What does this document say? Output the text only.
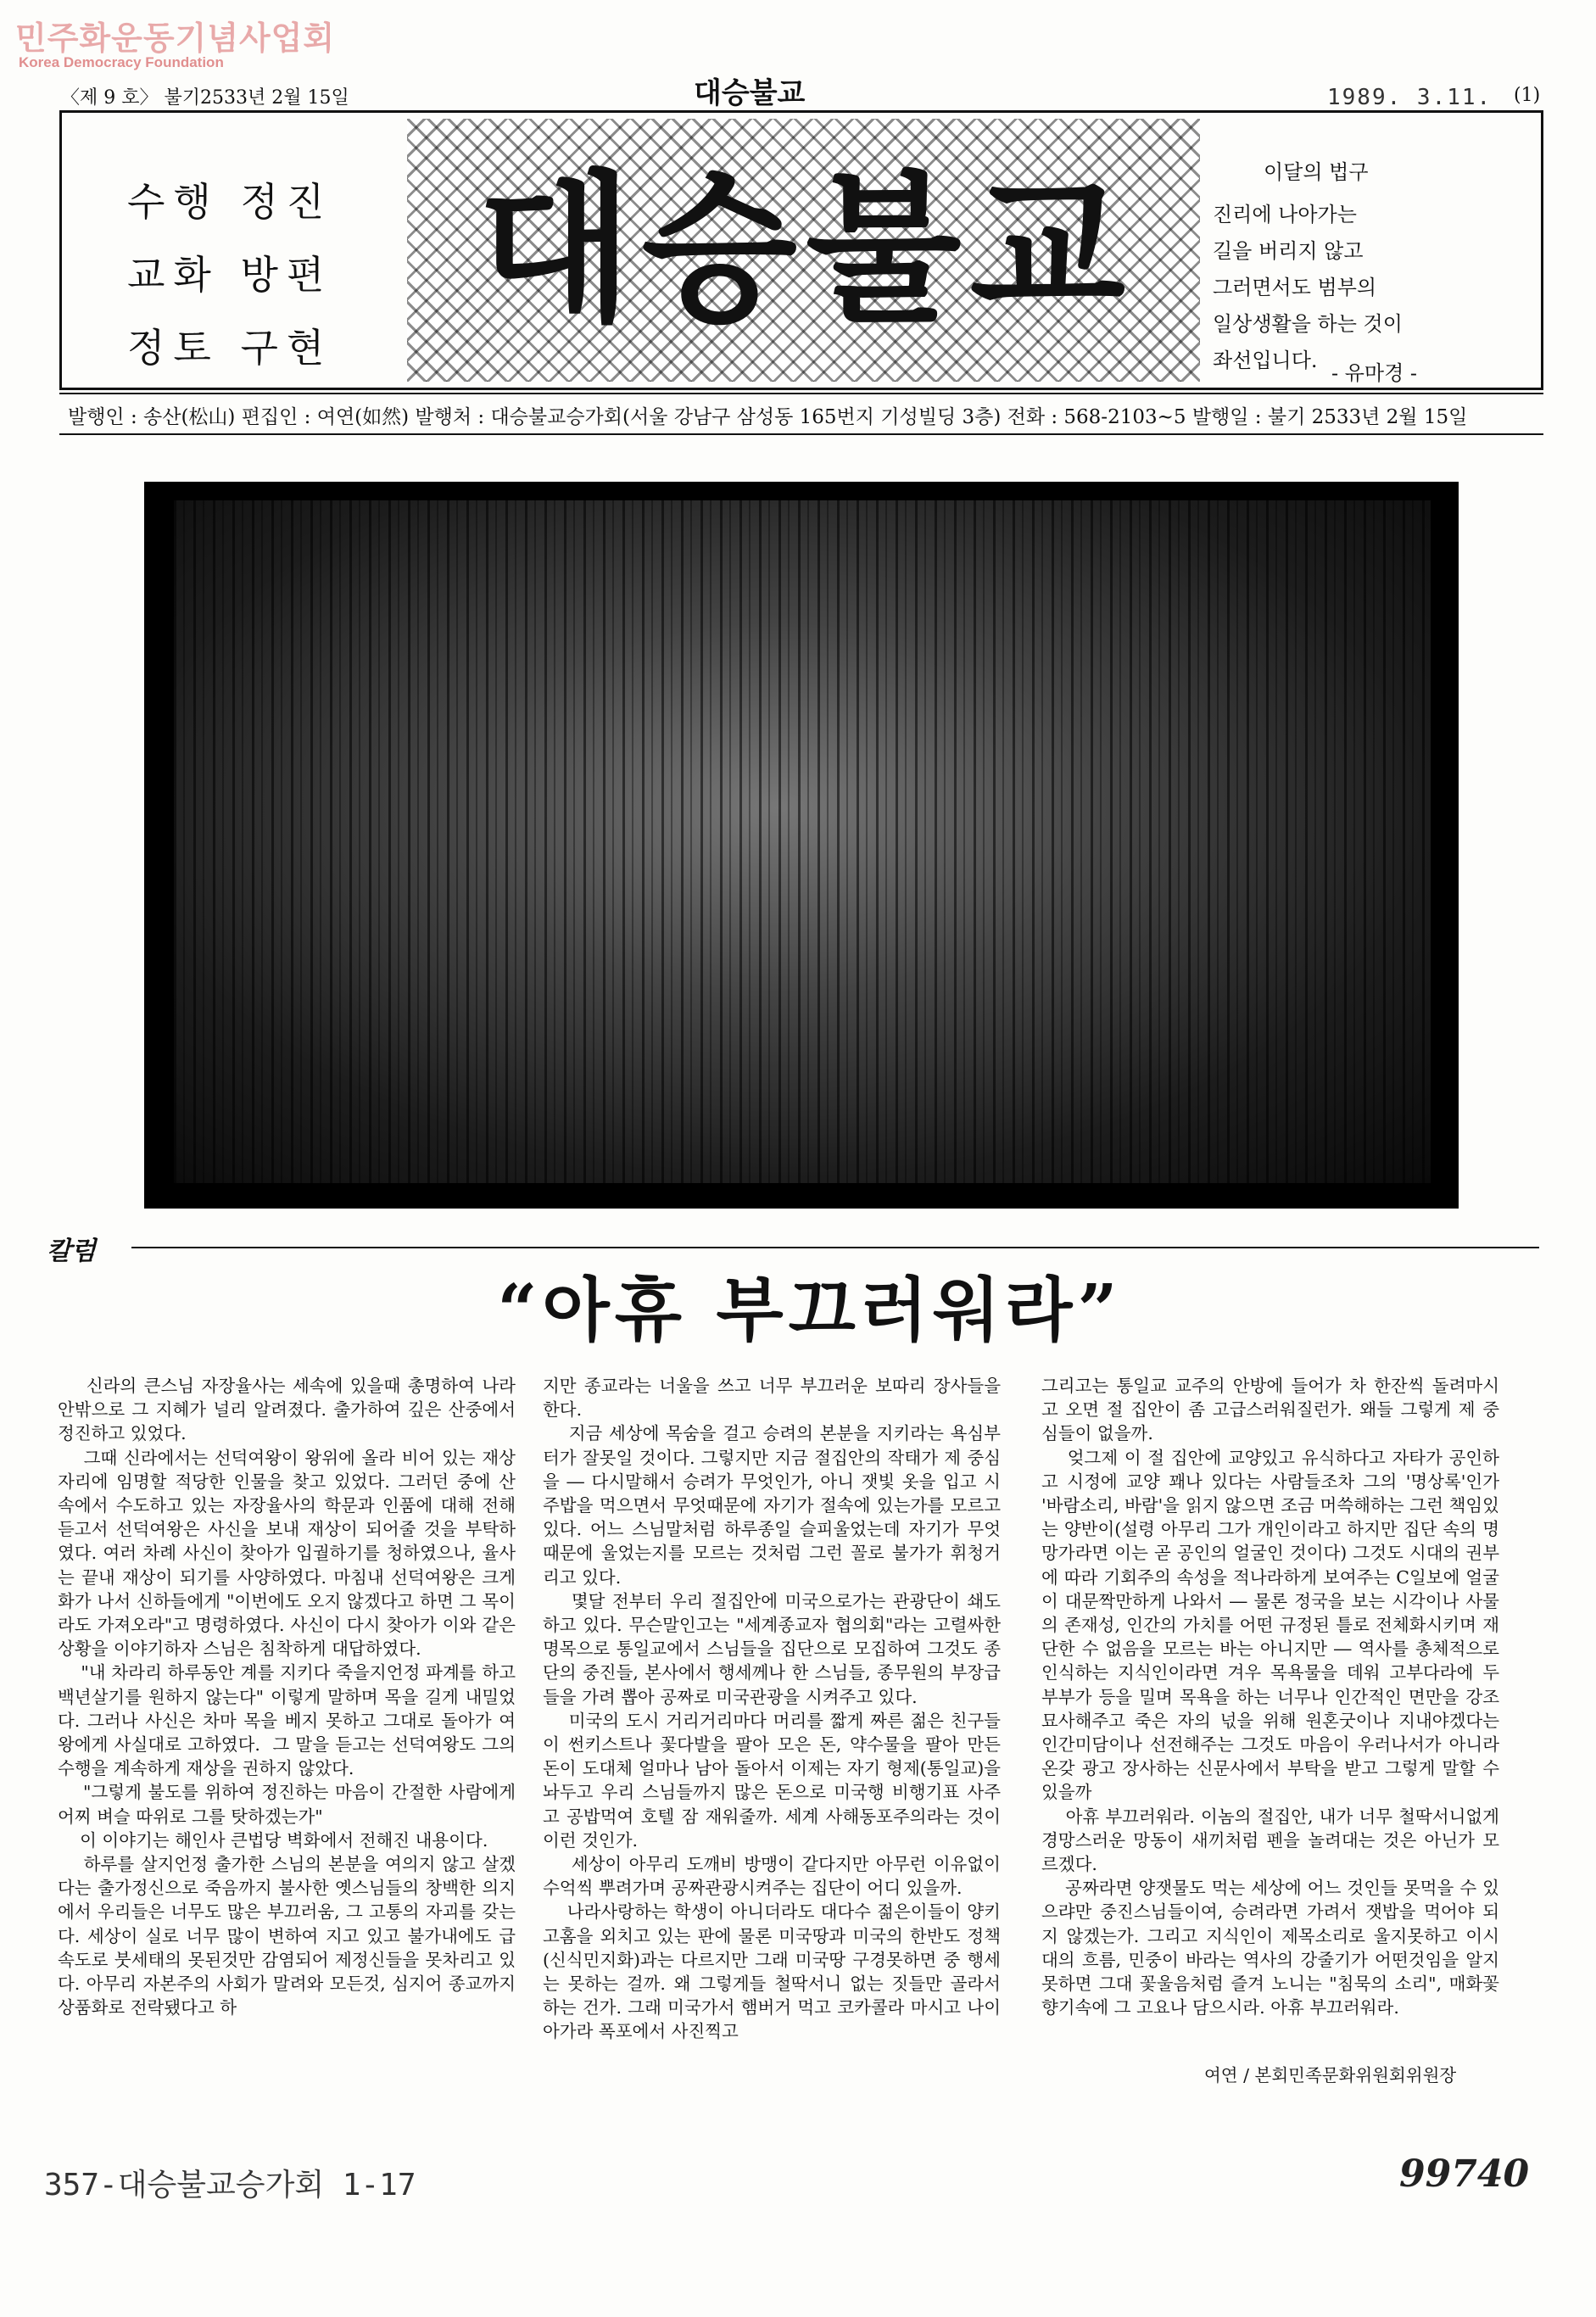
민주화운동기념사업회
Korea Democracy Foundation
〈제 9 호〉 불기2533년 2월 15일	대승불교	1989. 3.11. (1)
수행 정진
교화 방편
정토 구현
대승불교	이달의 법구
진리에 나아가는
길을 버리지 않고
그러면서도 범부의
일상생활을 하는 것이
좌선입니다.
- 유마경 -
발행인 : 송산(松山) 편집인 : 여연(如然) 발행처 : 대승불교승가회(서울 강남구 삼성동 165번지 기성빌딩 3층) 전화 : 568-2103~5 발행일 : 불기 2533년 2월 15일
칼럼
“아휴 부끄러워라”
신라의 큰스님 자장율사는 세속에 있을때 총명하여 나라 안밖으로 그 지혜가 널리 알려졌다. 출가하여 깊은 산중에서 정진하고 있었다.
그때 신라에서는 선덕여왕이 왕위에 올라 비어 있는 재상자리에 임명할 적당한 인물을 찾고 있었다. 그러던 중에 산 속에서 수도하고 있는 자장율사의 학문과 인품에 대해 전해 듣고서 선덕여왕은 사신을 보내 재상이 되어줄 것을 부탁하였다. 여러 차례 사신이 찾아가 입궐하기를 청하였으나, 율사는 끝내 재상이 되기를 사양하였다. 마침내 선덕여왕은 크게 화가 나서 신하들에게 "이번에도 오지 않겠다고 하면 그 목이라도 가져오라"고 명령하였다. 사신이 다시 찾아가 이와 같은 상황을 이야기하자 스님은 침착하게 대답하였다.
"내 차라리 하루동안 계를 지키다 죽을지언정 파계를 하고 백년살기를 원하지 않는다" 이렇게 말하며 목을 길게 내밀었다. 그러나 사신은 차마 목을 베지 못하고 그대로 돌아가 여왕에게 사실대로 고하였다.  그 말을 듣고는 선덕여왕도 그의 수행을 계속하게 재상을 권하지 않았다.
"그렇게 불도를 위하여 정진하는 마음이 간절한 사람에게 어찌 벼슬 따위로 그를 탓하겠는가"
이 이야기는 해인사 큰법당 벽화에서 전해진 내용이다.
하루를 살지언정 출가한 스님의 본분을 여의지 않고 살겠다는 출가정신으로 죽음까지 불사한 옛스님들의 창백한 의지에서 우리들은 너무도 많은 부끄러움, 그 고통의 자괴를 갖는다. 세상이 실로 너무 많이 변하여 지고 있고 불가내에도 급속도로 붓세태의 못된것만 감염되어 제정신들을 못차리고 있다. 아무리 자본주의 사회가 말려와 모든것, 심지어 종교까지 상품화로 전락됐다고 하
지만 종교라는 너울을 쓰고 너무 부끄러운 보따리 장사들을 한다.
지금 세상에 목숨을 걸고 승려의 본분을 지키라는 욕심부터가 잘못일 것이다. 그렇지만 지금 절집안의 작태가 제 중심을 ― 다시말해서 승려가 무엇인가, 아니 잿빛 옷을 입고 시주밥을 먹으면서 무엇때문에 자기가 절속에 있는가를 모르고 있다. 어느 스님말처럼 하루종일 슬피울었는데 자기가 무엇때문에 울었는지를 모르는 것처럼 그런 꼴로 불가가 휘청거리고 있다.
몇달 전부터 우리 절집안에 미국으로가는 관광단이 쇄도하고 있다. 무슨말인고는 "세계종교자 협의회"라는 고렬싸한 명목으로 통일교에서 스님들을 집단으로 모집하여 그것도 종단의 중진들, 본사에서 행세께나 한 스님들, 종무원의 부장급들을 가려 뽑아 공짜로 미국관광을 시켜주고 있다.
미국의 도시 거리거리마다 머리를 짧게 짜른 젊은 친구들이 썬키스트나 꽃다발을 팔아 모은 돈, 약수물을 팔아 만든 돈이 도대체 얼마나 남아 돌아서 이제는 자기 형제(통일교)을 놔두고 우리 스님들까지 많은 돈으로 미국행 비행기표 사주고 공밥먹여 호텔 잠 재워줄까. 세계 사해동포주의라는 것이 이런 것인가.
세상이 아무리 도깨비 방맹이 같다지만 아무런 이유없이 수억씩 뿌려가며 공짜관광시켜주는 집단이 어디 있을까.
나라사랑하는 학생이 아니더라도 대다수 젊은이들이 양키고홈을 외치고 있는 판에 물론 미국땅과 미국의 한반도 정책(신식민지화)과는 다르지만 그래 미국땅 구경못하면 중 행세는 못하는 걸까. 왜 그렇게들 철딱서니 없는 짓들만 골라서 하는 건가. 그래 미국가서 햄버거 먹고 코카콜라 마시고 나이아가라 폭포에서 사진찍고
그리고는 통일교 교주의 안방에 들어가 차 한잔씩 돌려마시고 오면 절 집안이 좀 고급스러워질런가. 왜들 그렇게 제 중심들이 없을까.
엊그제 이 절 집안에 교양있고 유식하다고 자타가 공인하고 시정에 교양 꽤나 있다는 사람들조차 그의 '명상록'인가 '바람소리, 바람'을 읽지 않으면 조금 머쓱해하는 그런 책임있는 양반이(설령 아무리 그가 개인이라고 하지만 집단 속의 명망가라면 이는 곧 공인의 얼굴인 것이다) 그것도 시대의 권부에 따라 기회주의 속성을 적나라하게 보여주는 C일보에 얼굴이 대문짝만하게 나와서 ― 물론 정국을 보는 시각이나 사물의 존재성, 인간의 가치를 어떤 규정된 틀로 전체화시키며 재단한 수 없음을 모르는 바는 아니지만 ― 역사를 총체적으로 인식하는 지식인이라면 겨우 목욕물을 데워 고부다라에 두 부부가 등을 밀며 목욕을 하는 너무나 인간적인 면만을 강조 묘사해주고 죽은 자의 넋을 위해 원혼굿이나 지내야겠다는 인간미담이나 선전해주는 그것도 마음이 우러나서가 아니라 온갖 광고 장사하는 신문사에서 부탁을 받고 그렇게 말할 수 있을까
아휴 부끄러워라. 이놈의 절집안, 내가 너무 철딱서니없게 경망스러운 망동이 새끼처럼 펜을 놀려대는 것은 아닌가 모르겠다.
공짜라면 양잿물도 먹는 세상에 어느 것인들 못먹을 수 있으랴만 중진스님들이여, 승려라면 가려서 잿밥을 먹어야 되지 않겠는가. 그리고 지식인이 제목소리로 울지못하고 이시대의 흐름, 민중이 바라는 역사의 강줄기가 어떤것임을 알지 못하면 그대 꽃울음처럼 즐겨 노니는 "침묵의 소리", 매화꽃 향기속에 그 고요나 담으시라. 아휴 부끄러워라.
여연 / 본회민족문화위원회위원장
357-대승불교승가회 1-17	99740
